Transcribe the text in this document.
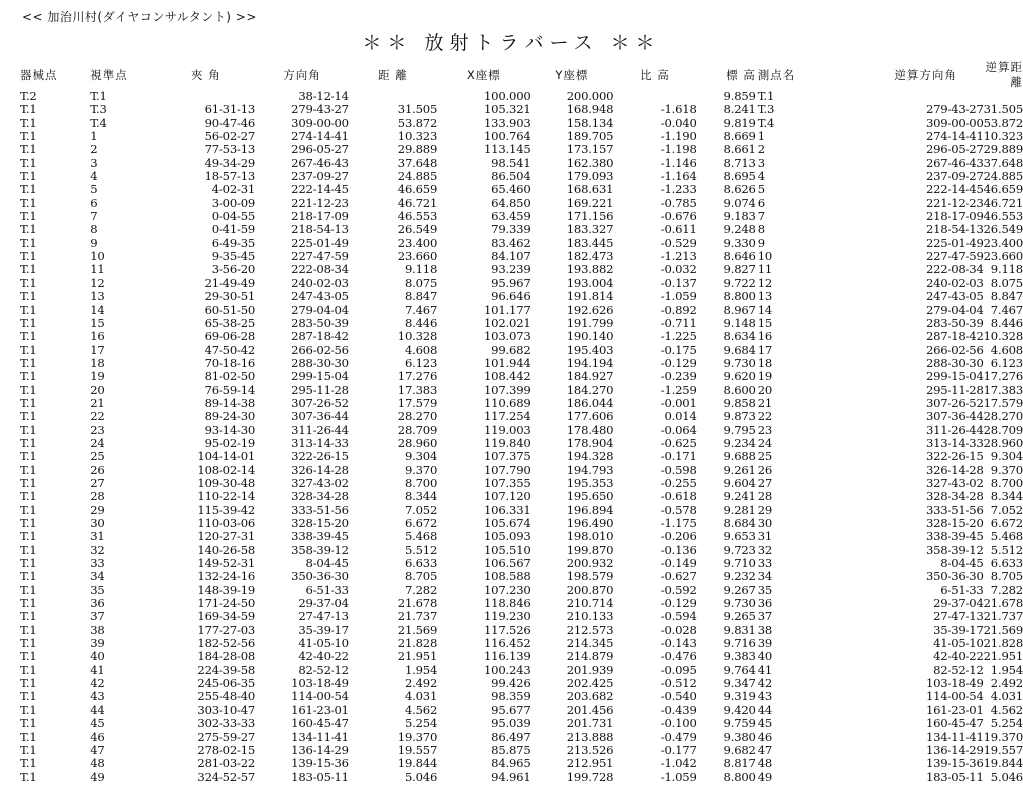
<< 加治川村(ダイヤコンサルタント) >>
＊＊ 放射トラバース ＊＊
器械点	視準点	夾 角	方向角	距 離	X座標	Y座標	比 高	標 高	測点名	逆算方向角	逆算距離
T.2	T.1		38-12-14		100.000	200.000		9.859	T.1		
T.1	T.3	61-31-13	279-43-27	31.505	105.321	168.948	-1.618	8.241	T.3	279-43-27	31.505
T.1	T.4	90-47-46	309-00-00	53.872	133.903	158.134	-0.040	9.819	T.4	309-00-00	53.872
T.1	1	56-02-27	274-14-41	10.323	100.764	189.705	-1.190	8.669	1	274-14-41	10.323
T.1	2	77-53-13	296-05-27	29.889	113.145	173.157	-1.198	8.661	2	296-05-27	29.889
T.1	3	49-34-29	267-46-43	37.648	98.541	162.380	-1.146	8.713	3	267-46-43	37.648
T.1	4	18-57-13	237-09-27	24.885	86.504	179.093	-1.164	8.695	4	237-09-27	24.885
T.1	5	4-02-31	222-14-45	46.659	65.460	168.631	-1.233	8.626	5	222-14-45	46.659
T.1	6	3-00-09	221-12-23	46.721	64.850	169.221	-0.785	9.074	6	221-12-23	46.721
T.1	7	0-04-55	218-17-09	46.553	63.459	171.156	-0.676	9.183	7	218-17-09	46.553
T.1	8	0-41-59	218-54-13	26.549	79.339	183.327	-0.611	9.248	8	218-54-13	26.549
T.1	9	6-49-35	225-01-49	23.400	83.462	183.445	-0.529	9.330	9	225-01-49	23.400
T.1	10	9-35-45	227-47-59	23.660	84.107	182.473	-1.213	8.646	10	227-47-59	23.660
T.1	11	3-56-20	222-08-34	9.118	93.239	193.882	-0.032	9.827	11	222-08-34	9.118
T.1	12	21-49-49	240-02-03	8.075	95.967	193.004	-0.137	9.722	12	240-02-03	8.075
T.1	13	29-30-51	247-43-05	8.847	96.646	191.814	-1.059	8.800	13	247-43-05	8.847
T.1	14	60-51-50	279-04-04	7.467	101.177	192.626	-0.892	8.967	14	279-04-04	7.467
T.1	15	65-38-25	283-50-39	8.446	102.021	191.799	-0.711	9.148	15	283-50-39	8.446
T.1	16	69-06-28	287-18-42	10.328	103.073	190.140	-1.225	8.634	16	287-18-42	10.328
T.1	17	47-50-42	266-02-56	4.608	99.682	195.403	-0.175	9.684	17	266-02-56	4.608
T.1	18	70-18-16	288-30-30	6.123	101.944	194.194	-0.129	9.730	18	288-30-30	6.123
T.1	19	81-02-50	299-15-04	17.276	108.442	184.927	-0.239	9.620	19	299-15-04	17.276
T.1	20	76-59-14	295-11-28	17.383	107.399	184.270	-1.259	8.600	20	295-11-28	17.383
T.1	21	89-14-38	307-26-52	17.579	110.689	186.044	-0.001	9.858	21	307-26-52	17.579
T.1	22	89-24-30	307-36-44	28.270	117.254	177.606	0.014	9.873	22	307-36-44	28.270
T.1	23	93-14-30	311-26-44	28.709	119.003	178.480	-0.064	9.795	23	311-26-44	28.709
T.1	24	95-02-19	313-14-33	28.960	119.840	178.904	-0.625	9.234	24	313-14-33	28.960
T.1	25	104-14-01	322-26-15	9.304	107.375	194.328	-0.171	9.688	25	322-26-15	9.304
T.1	26	108-02-14	326-14-28	9.370	107.790	194.793	-0.598	9.261	26	326-14-28	9.370
T.1	27	109-30-48	327-43-02	8.700	107.355	195.353	-0.255	9.604	27	327-43-02	8.700
T.1	28	110-22-14	328-34-28	8.344	107.120	195.650	-0.618	9.241	28	328-34-28	8.344
T.1	29	115-39-42	333-51-56	7.052	106.331	196.894	-0.578	9.281	29	333-51-56	7.052
T.1	30	110-03-06	328-15-20	6.672	105.674	196.490	-1.175	8.684	30	328-15-20	6.672
T.1	31	120-27-31	338-39-45	5.468	105.093	198.010	-0.206	9.653	31	338-39-45	5.468
T.1	32	140-26-58	358-39-12	5.512	105.510	199.870	-0.136	9.723	32	358-39-12	5.512
T.1	33	149-52-31	8-04-45	6.633	106.567	200.932	-0.149	9.710	33	8-04-45	6.633
T.1	34	132-24-16	350-36-30	8.705	108.588	198.579	-0.627	9.232	34	350-36-30	8.705
T.1	35	148-39-19	6-51-33	7.282	107.230	200.870	-0.592	9.267	35	6-51-33	7.282
T.1	36	171-24-50	29-37-04	21.678	118.846	210.714	-0.129	9.730	36	29-37-04	21.678
T.1	37	169-34-59	27-47-13	21.737	119.230	210.133	-0.594	9.265	37	27-47-13	21.737
T.1	38	177-27-03	35-39-17	21.569	117.526	212.573	-0.028	9.831	38	35-39-17	21.569
T.1	39	182-52-56	41-05-10	21.828	116.452	214.345	-0.143	9.716	39	41-05-10	21.828
T.1	40	184-28-08	42-40-22	21.951	116.139	214.879	-0.476	9.383	40	42-40-22	21.951
T.1	41	224-39-58	82-52-12	1.954	100.243	201.939	-0.095	9.764	41	82-52-12	1.954
T.1	42	245-06-35	103-18-49	2.492	99.426	202.425	-0.512	9.347	42	103-18-49	2.492
T.1	43	255-48-40	114-00-54	4.031	98.359	203.682	-0.540	9.319	43	114-00-54	4.031
T.1	44	303-10-47	161-23-01	4.562	95.677	201.456	-0.439	9.420	44	161-23-01	4.562
T.1	45	302-33-33	160-45-47	5.254	95.039	201.731	-0.100	9.759	45	160-45-47	5.254
T.1	46	275-59-27	134-11-41	19.370	86.497	213.888	-0.479	9.380	46	134-11-41	19.370
T.1	47	278-02-15	136-14-29	19.557	85.875	213.526	-0.177	9.682	47	136-14-29	19.557
T.1	48	281-03-22	139-15-36	19.844	84.965	212.951	-1.042	8.817	48	139-15-36	19.844
T.1	49	324-52-57	183-05-11	5.046	94.961	199.728	-1.059	8.800	49	183-05-11	5.046
